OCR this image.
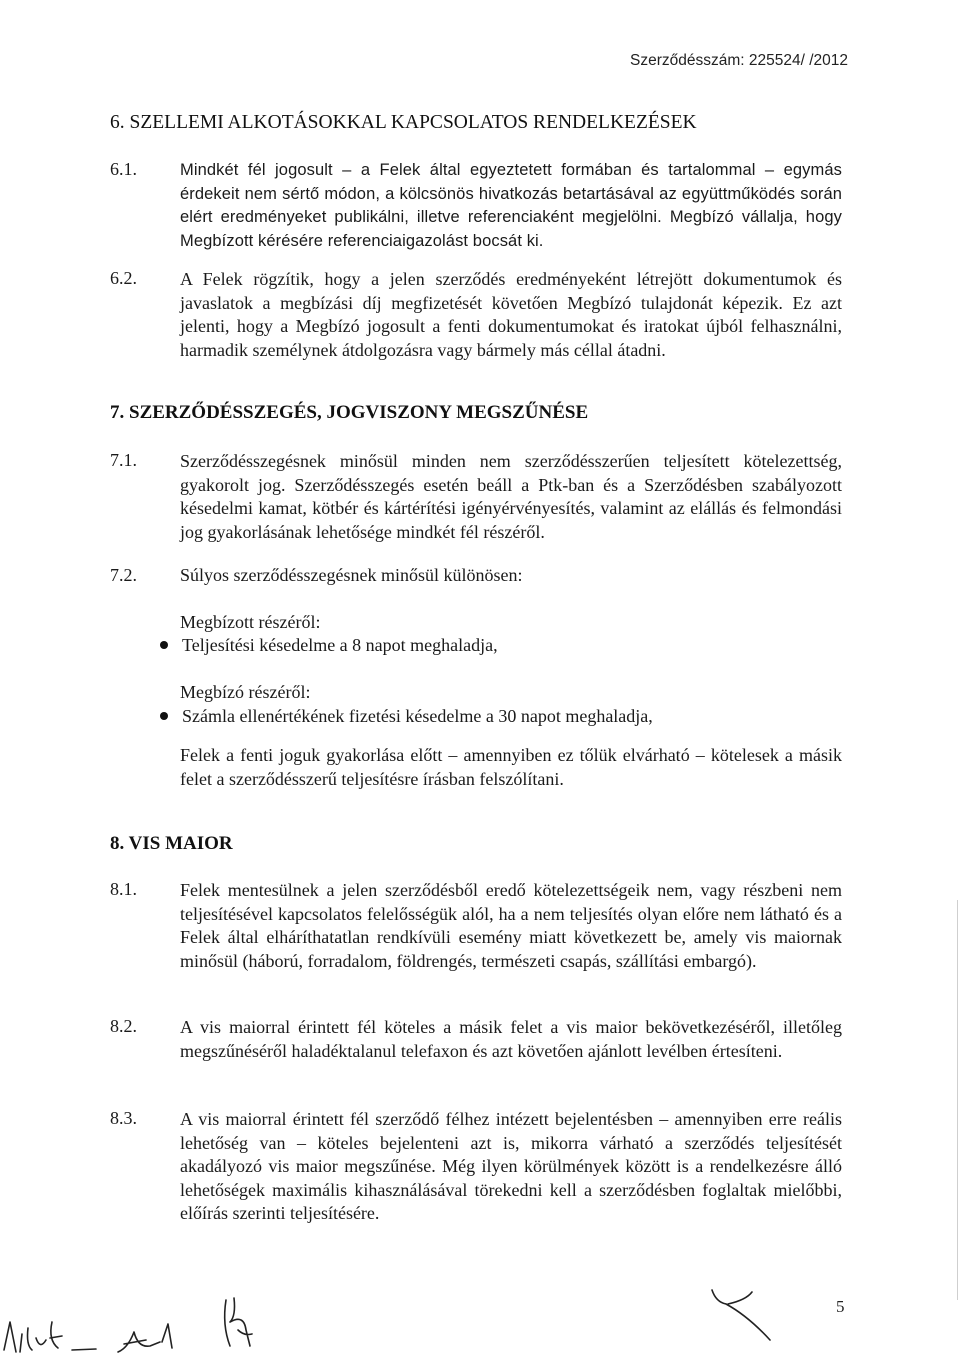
Szerződésszám: 225524/ /2012
6. SZELLEMI ALKOTÁSOKKAL KAPCSOLATOS RENDELKEZÉSEK
6.1.	Mindkét fél jogosult – a Felek által egyeztetett formában és tartalommal – egymás érdekeit nem sértő módon, a kölcsönös hivatkozás betartásával az együttműködés során elért eredményeket publikálni, illetve referenciaként megjelölni. Megbízó vállalja, hogy Megbízott kérésére referenciaigazolást bocsát ki.
6.2. A Felek rögzítik, hogy a jelen szerződés eredményeként létrejött dokumentumok és javaslatok a megbízási díj megfizetését követően Megbízó tulajdonát képezik. Ez azt jelenti, hogy a Megbízó jogosult a fenti dokumentumokat és iratokat újból felhasználni, harmadik személynek átdolgozásra vagy bármely más céllal átadni.
7. SZERZŐDÉSSZEGÉS, JOGVISZONY MEGSZŰNÉSE
7.1. Szerződésszegésnek minősül minden nem szerződésszerűen teljesített kötelezettség, gyakorolt jog. Szerződésszegés esetén beáll a Ptk-ban és a Szerződésben szabályozott késedelmi kamat, kötbér és kártérítési igényérvényesítés, valamint az elállás és felmondási jog gyakorlásának lehetősége mindkét fél részéről.
7.2. Súlyos szerződésszegésnek minősül különösen:
Megbízott részéről:
Teljesítési késedelme a 8 napot meghaladja,
Megbízó részéről:
Számla ellenértékének fizetési késedelme a 30 napot meghaladja,
Felek a fenti joguk gyakorlása előtt – amennyiben ez tőlük elvárható – kötelesek a másik felet a szerződésszerű teljesítésre írásban felszólítani.
8. VIS MAIOR
8.1. Felek mentesülnek a jelen szerződésből eredő kötelezettségeik nem, vagy részbeni nem teljesítésével kapcsolatos felelősségük alól, ha a nem teljesítés olyan előre nem látható és a Felek által elháríthatatlan rendkívüli esemény miatt következett be, amely vis maiornak minősül (háború, forradalom, földrengés, természeti csapás, szállítási embargó).
8.2. A vis maiorral érintett fél köteles a másik felet a vis maior bekövetkezéséről, illetőleg megszűnéséről haladéktalanul telefaxon és azt követően ajánlott levélben értesíteni.
8.3. A vis maiorral érintett fél szerződő félhez intézett bejelentésben – amennyiben erre reális lehetőség van – köteles bejelenteni azt is, mikorra várható a szerződés teljesítését akadályozó vis maior megszűnése. Még ilyen körülmények között is a rendelkezésre álló lehetőségek maximális kihasználásával törekedni kell a szerződésben foglaltak mielőbbi, előírás szerinti teljesítésére.
5
